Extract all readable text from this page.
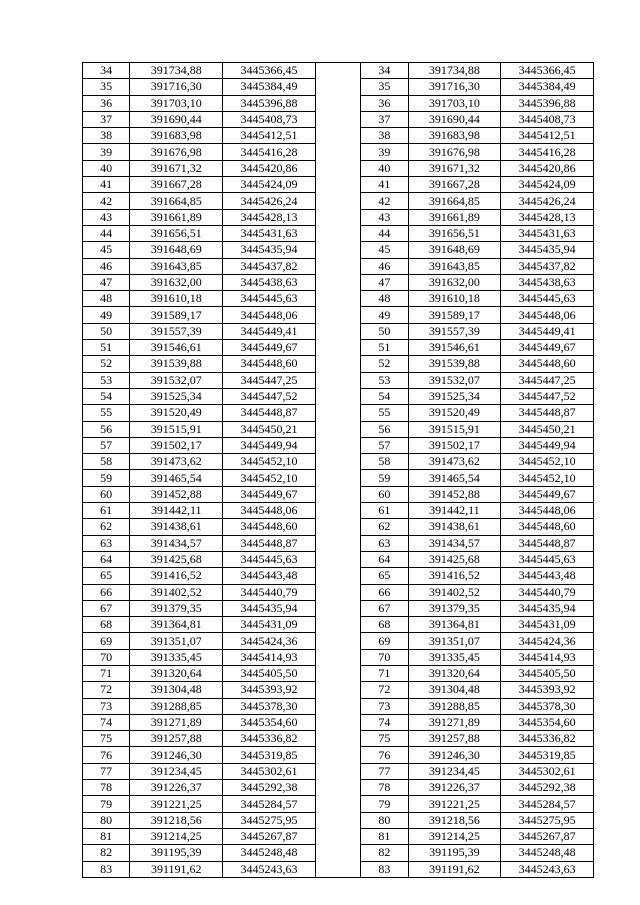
34	391734,88	3445366,45		34	391734,88	3445366,45
35	391716,30	3445384,49		35	391716,30	3445384,49
36	391703,10	3445396,88		36	391703,10	3445396,88
37	391690,44	3445408,73		37	391690,44	3445408,73
38	391683,98	3445412,51		38	391683,98	3445412,51
39	391676,98	3445416,28		39	391676,98	3445416,28
40	391671,32	3445420,86		40	391671,32	3445420,86
41	391667,28	3445424,09		41	391667,28	3445424,09
42	391664,85	3445426,24		42	391664,85	3445426,24
43	391661,89	3445428,13		43	391661,89	3445428,13
44	391656,51	3445431,63		44	391656,51	3445431,63
45	391648,69	3445435,94		45	391648,69	3445435,94
46	391643,85	3445437,82		46	391643,85	3445437,82
47	391632,00	3445438,63		47	391632,00	3445438,63
48	391610,18	3445445,63		48	391610,18	3445445,63
49	391589,17	3445448,06		49	391589,17	3445448,06
50	391557,39	3445449,41		50	391557,39	3445449,41
51	391546,61	3445449,67		51	391546,61	3445449,67
52	391539,88	3445448,60		52	391539,88	3445448,60
53	391532,07	3445447,25		53	391532,07	3445447,25
54	391525,34	3445447,52		54	391525,34	3445447,52
55	391520,49	3445448,87		55	391520,49	3445448,87
56	391515,91	3445450,21		56	391515,91	3445450,21
57	391502,17	3445449,94		57	391502,17	3445449,94
58	391473,62	3445452,10		58	391473,62	3445452,10
59	391465,54	3445452,10		59	391465,54	3445452,10
60	391452,88	3445449,67		60	391452,88	3445449,67
61	391442,11	3445448,06		61	391442,11	3445448,06
62	391438,61	3445448,60		62	391438,61	3445448,60
63	391434,57	3445448,87		63	391434,57	3445448,87
64	391425,68	3445445,63		64	391425,68	3445445,63
65	391416,52	3445443,48		65	391416,52	3445443,48
66	391402,52	3445440,79		66	391402,52	3445440,79
67	391379,35	3445435,94		67	391379,35	3445435,94
68	391364,81	3445431,09		68	391364,81	3445431,09
69	391351,07	3445424,36		69	391351,07	3445424,36
70	391335,45	3445414,93		70	391335,45	3445414,93
71	391320,64	3445405,50		71	391320,64	3445405,50
72	391304,48	3445393,92		72	391304,48	3445393,92
73	391288,85	3445378,30		73	391288,85	3445378,30
74	391271,89	3445354,60		74	391271,89	3445354,60
75	391257,88	3445336,82		75	391257,88	3445336,82
76	391246,30	3445319,85		76	391246,30	3445319,85
77	391234,45	3445302,61		77	391234,45	3445302,61
78	391226,37	3445292,38		78	391226,37	3445292,38
79	391221,25	3445284,57		79	391221,25	3445284,57
80	391218,56	3445275,95		80	391218,56	3445275,95
81	391214,25	3445267,87		81	391214,25	3445267,87
82	391195,39	3445248,48		82	391195,39	3445248,48
83	391191,62	3445243,63		83	391191,62	3445243,63
